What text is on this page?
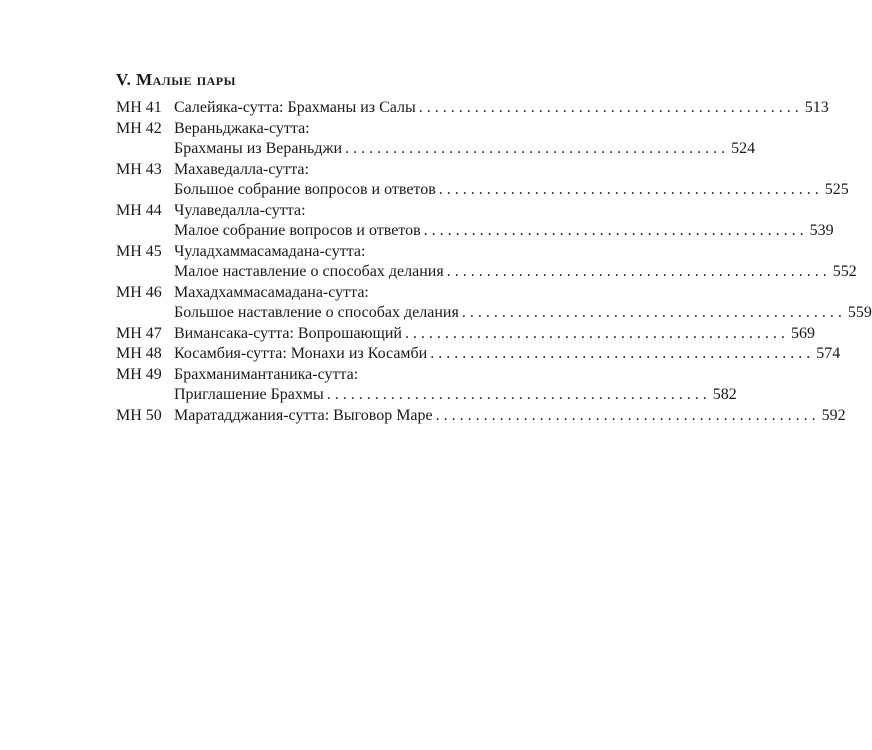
V. Малые пары
МН 41 Салейяка-сутта: Брахманы из Салы . . .	513
МН 42 Вераньджака-сутта:
Брахманы из Вераньджи . . .	524
МН 43 Махаведалла-сутта:
Большое собрание вопросов и ответов . . .	525
МН 44 Чулаведалла-сутта:
Малое собрание вопросов и ответов . . .	539
МН 45 Чуладхаммасамадана-сутта:
Малое наставление о способах делания . . .	552
МН 46 Махадхаммасамадана-сутта:
Большое наставление о способах делания . . .	559
МН 47 Вимансака-сутта: Вопрошающий . . .	569
МН 48 Косамбия-сутта: Монахи из Косамби . . .	574
МН 49 Брахманимантаника-сутта:
Приглашение Брахмы . . .	582
МН 50 Маратадджания-сутта: Выговор Маре . . .	592
